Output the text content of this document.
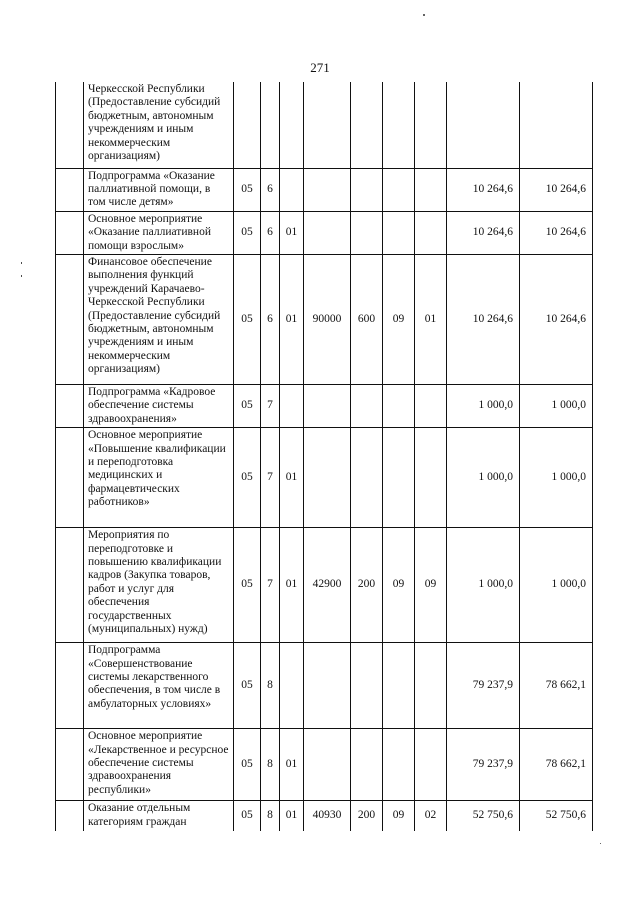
271
	Черкесской Республики (Предоставление субсидий бюджетным, автономным учреждениям и иным некоммерческим организациям)									
	Подпрограмма «Оказание паллиативной помощи, в том числе детям»	05	6						10 264,6	10 264,6
	Основное мероприятие «Оказание паллиативной помощи взрослым»	05	6	01					10 264,6	10 264,6
	Финансовое обеспечение выполнения функций учреждений Карачаево-Черкесской Республики (Предоставление субсидий бюджетным, автономным учреждениям и иным некоммерческим организациям)	05	6	01	90000	600	09	01	10 264,6	10 264,6
	Подпрограмма «Кадровое обеспечение системы здравоохранения»	05	7						1 000,0	1 000,0
	Основное мероприятие «Повышение квалификации и переподготовка медицинских и фармацевтических работников»	05	7	01					1 000,0	1 000,0
	Мероприятия по переподготовке и повышению квалификации кадров (Закупка товаров, работ и услуг для обеспечения государственных (муниципальных) нужд)	05	7	01	42900	200	09	09	1 000,0	1 000,0
	Подпрограмма «Совершенствование системы лекарственного обеспечения, в том числе в амбулаторных условиях»	05	8						79 237,9	78 662,1
	Основное мероприятие «Лекарственное и ресурсное обеспечение системы здравоохранения республики»	05	8	01					79 237,9	78 662,1
	Оказание отдельным категориям граждан	05	8	01	40930	200	09	02	52 750,6	52 750,6
